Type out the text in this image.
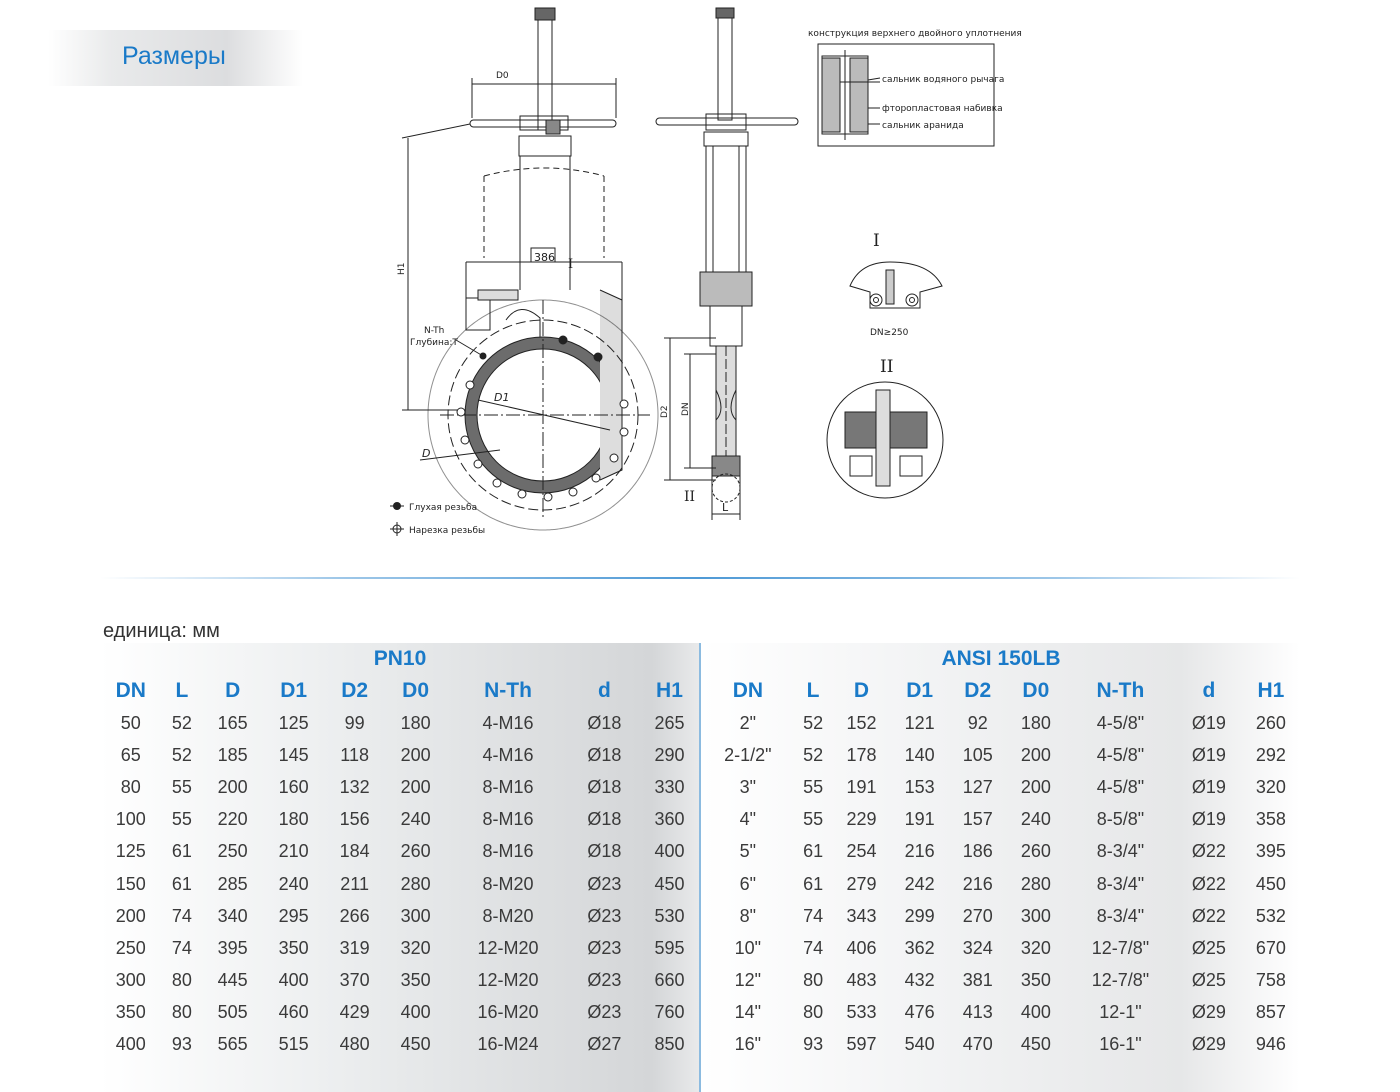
Размеры
D0
H1
386
N-Th
Глубина:T
D1
D
I
D2 DN
L
II
Глухая резьба
Нарезка резьбы
конструкция верхнего двойного уплотнения
сальник водяного рычага
фторопластовая набивка
сальник аранида
I
DN≥250
II
единица: мм
PN10								
DN	L	D	D1	D2	D0	N-Th	d	H1
50	52	165	125	99	180	4-M16	Ø18	265
65	52	185	145	118	200	4-M16	Ø18	290
80	55	200	160	132	200	8-M16	Ø18	330
100	55	220	180	156	240	8-M16	Ø18	360
125	61	250	210	184	260	8-M16	Ø18	400
150	61	285	240	211	280	8-M20	Ø23	450
200	74	340	295	266	300	8-M20	Ø23	530
250	74	395	350	319	320	12-M20	Ø23	595
300	80	445	400	370	350	12-M20	Ø23	660
350	80	505	460	429	400	16-M20	Ø23	760
400	93	565	515	480	450	16-M24	Ø27	850
ANSI 150LB								
DN	L	D	D1	D2	D0	N-Th	d	H1
2"	52	152	121	92	180	4-5/8"	Ø19	260
2-1/2"	52	178	140	105	200	4-5/8"	Ø19	292
3"	55	191	153	127	200	4-5/8"	Ø19	320
4"	55	229	191	157	240	8-5/8"	Ø19	358
5"	61	254	216	186	260	8-3/4"	Ø22	395
6"	61	279	242	216	280	8-3/4"	Ø22	450
8"	74	343	299	270	300	8-3/4"	Ø22	532
10"	74	406	362	324	320	12-7/8"	Ø25	670
12"	80	483	432	381	350	12-7/8"	Ø25	758
14"	80	533	476	413	400	12-1"	Ø29	857
16"	93	597	540	470	450	16-1"	Ø29	946
